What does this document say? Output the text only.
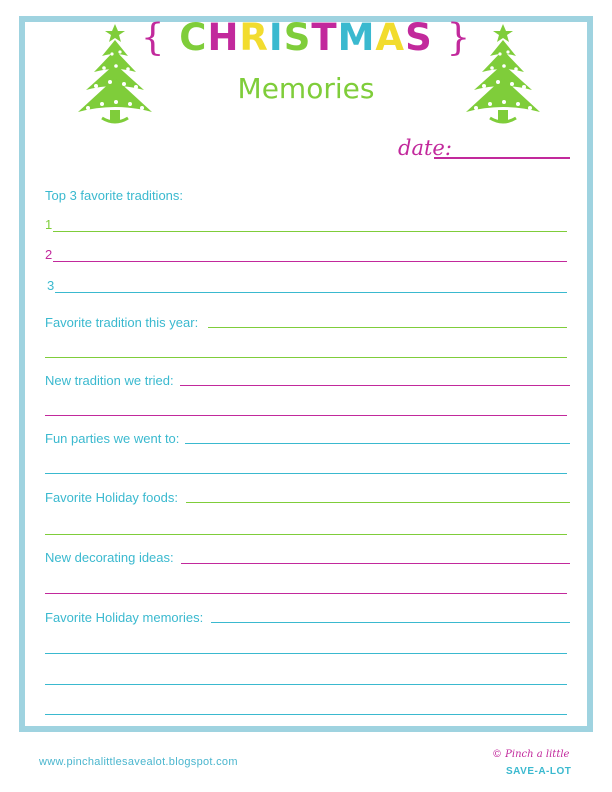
{ CHRISTMAS }
Memories
date:
Top 3 favorite traditions:
1
2
3
Favorite tradition this year:
New tradition we tried:
Fun parties we went to:
Favorite Holiday foods:
New decorating ideas:
Favorite Holiday memories:
www.pinchalittlesavealot.blogspot.com
© Pinch a little
SAVE-A-LOT
